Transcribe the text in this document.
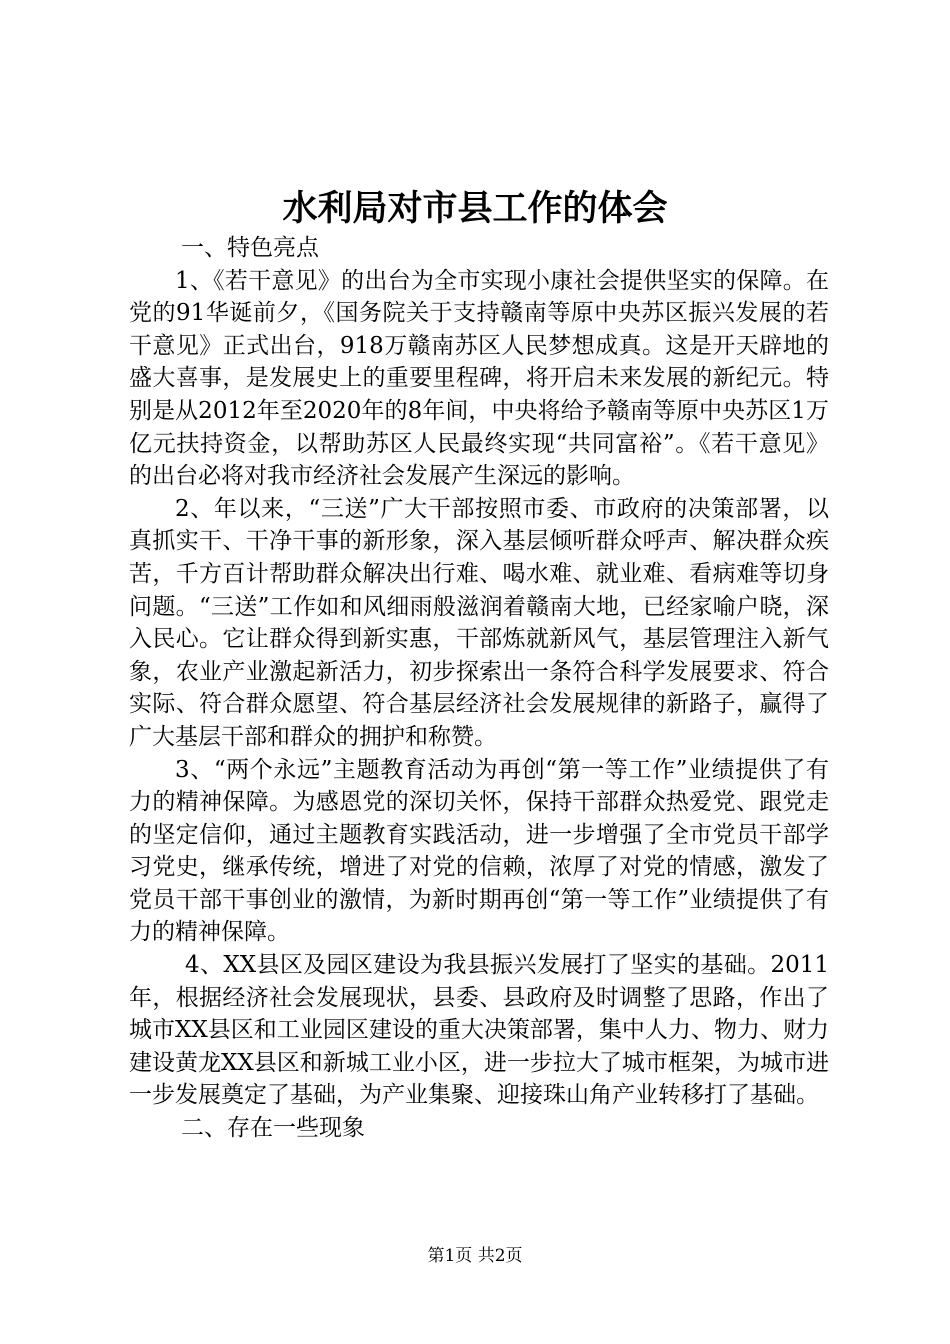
水利局对市县工作的体会

一、特色亮点

1、《若干意见》的出台为全市实现小康社会提供坚实的保障。在党的91华诞前夕，《国务院关于支持赣南等原中央苏区振兴发展的若干意见》正式出台，918万赣南苏区人民梦想成真。这是开天辟地的盛大喜事，是发展史上的重要里程碑，将开启未来发展的新纪元。特别是从2012年至2020年的8年间，中央将给予赣南等原中央苏区1万亿元扶持资金，以帮助苏区人民最终实现“共同富裕”。《若干意见》的出台必将对我市经济社会发展产生深远的影响。

2、年以来，“三送”广大干部按照市委、市政府的决策部署，以真抓实干、干净干事的新形象，深入基层倾听群众呼声、解决群众疾苦，千方百计帮助群众解决出行难、喝水难、就业难、看病难等切身问题。“三送”工作如和风细雨般滋润着赣南大地，已经家喻户晓，深入民心。它让群众得到新实惠，干部炼就新风气，基层管理注入新气象，农业产业激起新活力，初步探索出一条符合科学发展要求、符合实际、符合群众愿望、符合基层经济社会发展规律的新路子，赢得了广大基层干部和群众的拥护和称赞。

3、“两个永远”主题教育活动为再创“第一等工作”业绩提供了有力的精神保障。为感恩党的深切关怀，保持干部群众热爱党、跟党走的坚定信仰，通过主题教育实践活动，进一步增强了全市党员干部学习党史，继承传统，增进了对党的信赖，浓厚了对党的情感，激发了党员干部干事创业的激情，为新时期再创“第一等工作”业绩提供了有力的精神保障。

4、XX县区及园区建设为我县振兴发展打了坚实的基础。2011年，根据经济社会发展现状，县委、县政府及时调整了思路，作出了城市XX县区和工业园区建设的重大决策部署，集中人力、物力、财力建设黄龙XX县区和新城工业小区，进一步拉大了城市框架，为城市进一步发展奠定了基础，为产业集聚、迎接珠山角产业转移打了基础。

二、存在一些现象

第1页 共2页
